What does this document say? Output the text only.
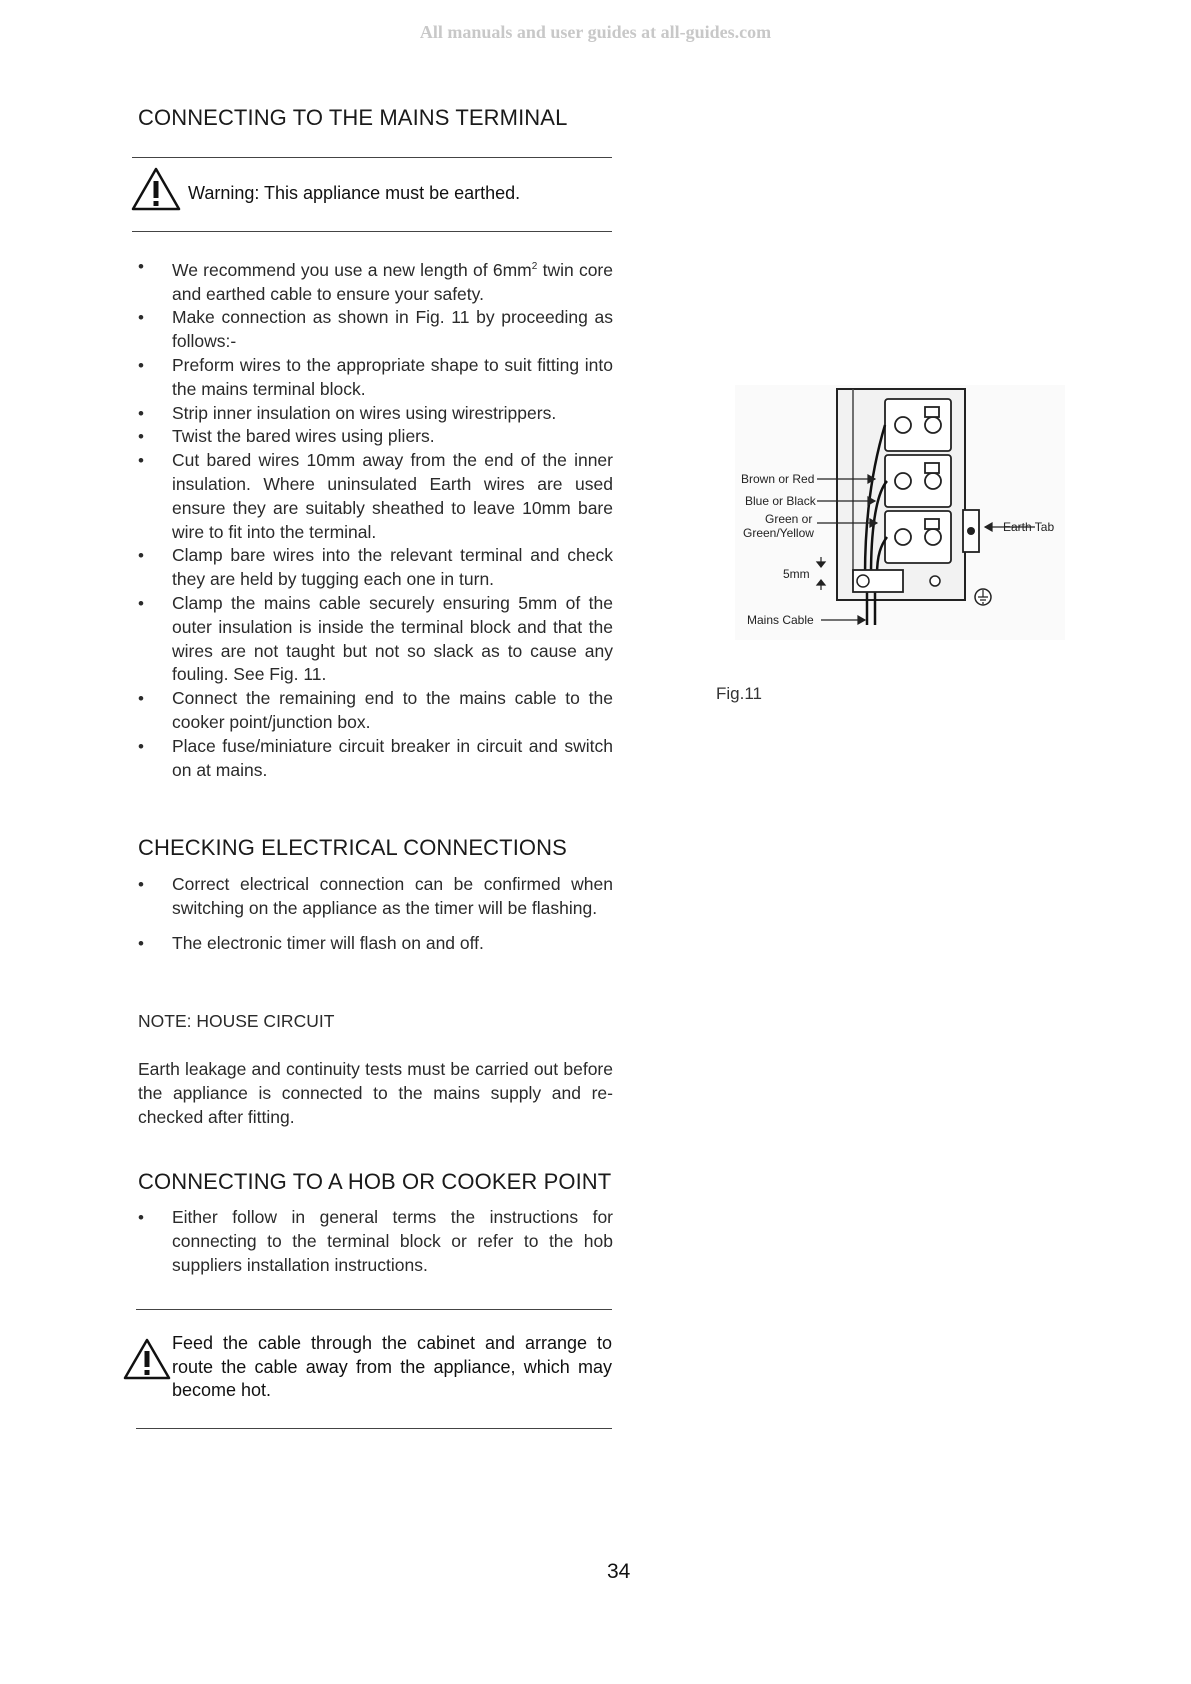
All manuals and user guides at all-guides.com
CONNECTING TO THE MAINS TERMINAL
Warning: This appliance must be earthed.
• We recommend you use a new length of $6mm^2$ twin core and earthed cable to ensure your safety.
• Make connection as shown in Fig. 11 by proceeding as follows:-
• Preform wires to the appropriate shape to suit fitting into the mains terminal block.
• Strip inner insulation on wires using wirestrippers.
• Twist the bared wires using pliers.
• Cut bared wires 10mm away from the end of the inner insulation. Where uninsulated Earth wires are used ensure they are suitably sheathed to leave 10mm bare wire to fit into the terminal.
• Clamp bare wires into the relevant terminal and check they are held by tugging each one in turn.
• Clamp the mains cable securely ensuring 5mm of the outer insulation is inside the terminal block and that the wires are not taught but not so slack as to cause any fouling. See Fig. 11.
• Connect the remaining end to the mains cable to the cooker point/junction box.
• Place fuse/miniature circuit breaker in circuit and switch on at mains.
Brown or Red
Blue or Black
Green or
Green/Yellow
5mm
Mains Cable
Earth Tab
Fig.11
CHECKING ELECTRICAL CONNECTIONS
• Correct electrical connection can be confirmed when switching on the appliance as the timer will be flashing.
• The electronic timer will flash on and off.
NOTE: HOUSE CIRCUIT
Earth leakage and continuity tests must be carried out before the appliance is connected to the mains supply and re-checked after fitting.
CONNECTING TO A HOB OR COOKER POINT
• Either follow in general terms the instructions for connecting to the terminal block or refer to the hob suppliers installation instructions.
Feed the cable through the cabinet and arrange to route the cable away from the appliance, which may become hot.
34
